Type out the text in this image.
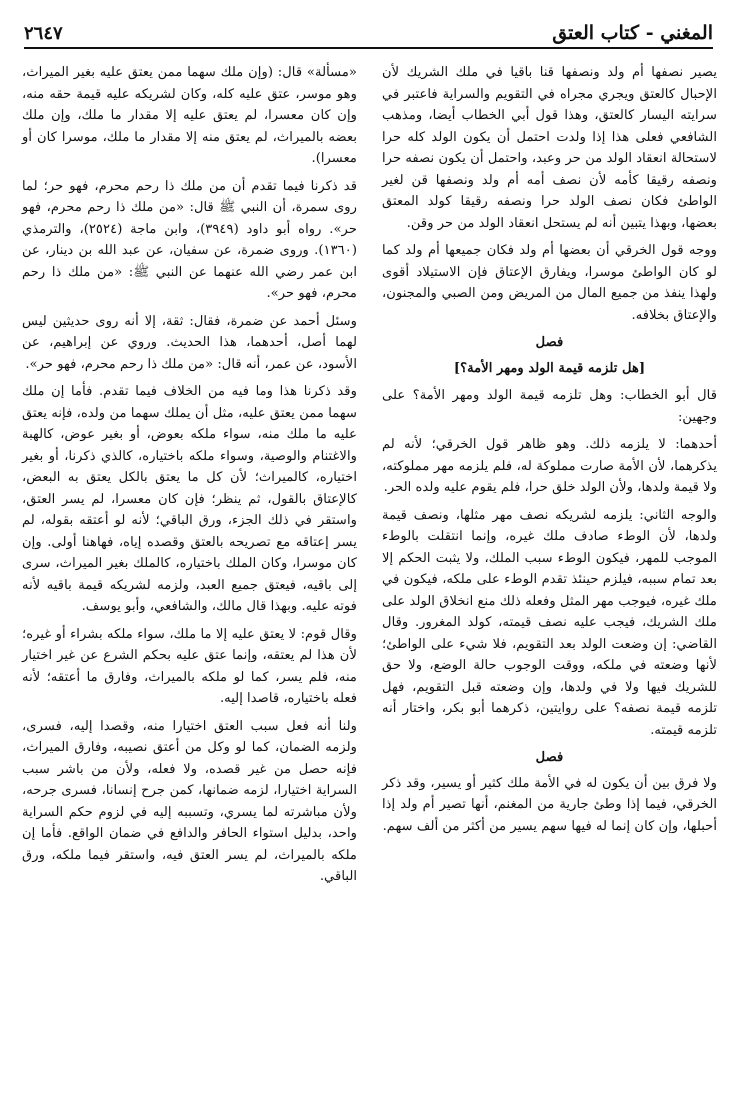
المغني - كتاب العتق
٢٦٤٧

يصير نصفها أم ولد ونصفها قنا باقيا في ملك الشريك لأن الإحبال كالعتق ويجري مجراه في التقويم والسراية فاعتبر في سرايته اليسار كالعتق، وهذا قول أبي الخطاب أيضا، ومذهب الشافعي فعلى هذا إذا ولدت احتمل أن يكون الولد كله حرا لاستحالة انعقاد الولد من حر وعبد، واحتمل أن يكون نصفه حرا ونصفه رقيقا كأمه لأن نصف أمه أم ولد ونصفها قن لغير الواطئ فكان نصف الولد حرا ونصفه رقيقا كولد المعتق بعضها، وبهذا يتبين أنه لم يستحل انعقاد الولد من حر وقن.

ووجه قول الخرقي أن بعضها أم ولد فكان جميعها أم ولد كما لو كان الواطئ موسرا، ويفارق الإعتاق فإن الاستيلاد أقوى ولهذا ينفذ من جميع المال من المريض ومن الصبي والمجنون، والإعتاق بخلافه.

فصل

[هل تلزمه قيمة الولد ومهر الأمة؟]

قال أبو الخطاب: وهل تلزمه قيمة الولد ومهر الأمة؟ على وجهين:

أحدهما: لا يلزمه ذلك. وهو ظاهر قول الخرقي؛ لأنه لم يذكرهما، لأن الأمة صارت مملوكة له، فلم يلزمه مهر مملوكته، ولا قيمة ولدها، ولأن الولد خلق حرا، فلم يقوم عليه ولده الحر.

والوجه الثاني: يلزمه لشريكه نصف مهر مثلها، ونصف قيمة ولدها، لأن الوطء صادف ملك غيره، وإنما انتقلت بالوطء الموجب للمهر، فيكون الوطء سبب الملك، ولا يثبت الحكم إلا بعد تمام سببه، فيلزم حينئذ تقدم الوطء على ملكه، فيكون في ملك غيره، فيوجب مهر المثل وفعله ذلك منع انخلاق الولد على ملك الشريك، فيجب عليه نصف قيمته، كولد المغرور. وقال القاضي: إن وضعت الولد بعد التقويم، فلا شيء على الواطئ؛ لأنها وضعته في ملكه، ووقت الوجوب حالة الوضع، ولا حق للشريك فيها ولا في ولدها، وإن وضعته قبل التقويم، فهل تلزمه قيمة نصفه؟ على روايتين، ذكرهما أبو بكر، واختار أنه تلزمه قيمته.

فصل

ولا فرق بين أن يكون له في الأمة ملك كثير أو يسير، وقد ذكر الخرقي، فيما إذا وطئ جارية من المغنم، أنها تصير أم ولد إذا أحبلها، وإن كان إنما له فيها سهم يسير من أكثر من ألف سهم.

«مسألة» قال: (وإن ملك سهما ممن يعتق عليه بغير الميراث، وهو موسر، عتق عليه كله، وكان لشريكه عليه قيمة حقه منه، وإن كان معسرا، لم يعتق عليه إلا مقدار ما ملك، وإن ملك بعضه بالميراث، لم يعتق منه إلا مقدار ما ملك، موسرا كان أو معسرا).

قد ذكرنا فيما تقدم أن من ملك ذا رحم محرم، فهو حر؛ لما روى سمرة، أن النبي ﷺ قال: «من ملك ذا رحم محرم، فهو حر». رواه أبو داود (٣٩٤٩)، وابن ماجة (٢٥٢٤)، والترمذي (١٣٦٠). وروى ضمرة، عن سفيان، عن عبد الله بن دينار، عن ابن عمر رضي الله عنهما عن النبي ﷺ: «من ملك ذا رحم محرم، فهو حر».

وسئل أحمد عن ضمرة، فقال: ثقة، إلا أنه روى حديثين ليس لهما أصل، أحدهما، هذا الحديث. وروي عن إبراهيم، عن الأسود، عن عمر، أنه قال: «من ملك ذا رحم محرم، فهو حر».

وقد ذكرنا هذا وما فيه من الخلاف فيما تقدم. فأما إن ملك سهما ممن يعتق عليه، مثل أن يملك سهما من ولده، فإنه يعتق عليه ما ملك منه، سواء ملكه بعوض، أو بغير عوض، كالهبة والاغتنام والوصية، وسواء ملكه باختياره، كالذي ذكرنا، أو بغير اختياره، كالميراث؛ لأن كل ما يعتق بالكل يعتق به البعض، كالإعتاق بالقول، ثم ينظر؛ فإن كان معسرا، لم يسر العتق، واستقر في ذلك الجزء، ورق الباقي؛ لأنه لو أعتقه بقوله، لم يسر إعتاقه مع تصريحه بالعتق وقصده إياه، فهاهنا أولى. وإن كان موسرا، وكان الملك باختياره، كالملك بغير الميراث، سرى إلى باقيه، فيعتق جميع العبد، ولزمه لشريكه قيمة باقيه لأنه فوته عليه. وبهذا قال مالك، والشافعي، وأبو يوسف.

وقال قوم: لا يعتق عليه إلا ما ملك، سواء ملكه بشراء أو غيره؛ لأن هذا لم يعتقه، وإنما عتق عليه بحكم الشرع عن غير اختيار منه، فلم يسر، كما لو ملكه بالميراث، وفارق ما أعتقه؛ لأنه فعله باختياره، قاصدا إليه.

ولنا أنه فعل سبب العتق اختيارا منه، وقصدا إليه، فسرى، ولزمه الضمان، كما لو وكل من أعتق نصيبه، وفارق الميراث، فإنه حصل من غير قصده، ولا فعله، ولأن من باشر سبب السراية اختيارا، لزمه ضمانها، كمن جرح إنسانا، فسرى جرحه، ولأن مباشرته لما يسري، وتسببه إليه في لزوم حكم السراية واحد، بدليل استواء الحافر والدافع في ضمان الواقع. فأما إن ملكه بالميراث، لم يسر العتق فيه، واستقر فيما ملكه، ورق الباقي.
